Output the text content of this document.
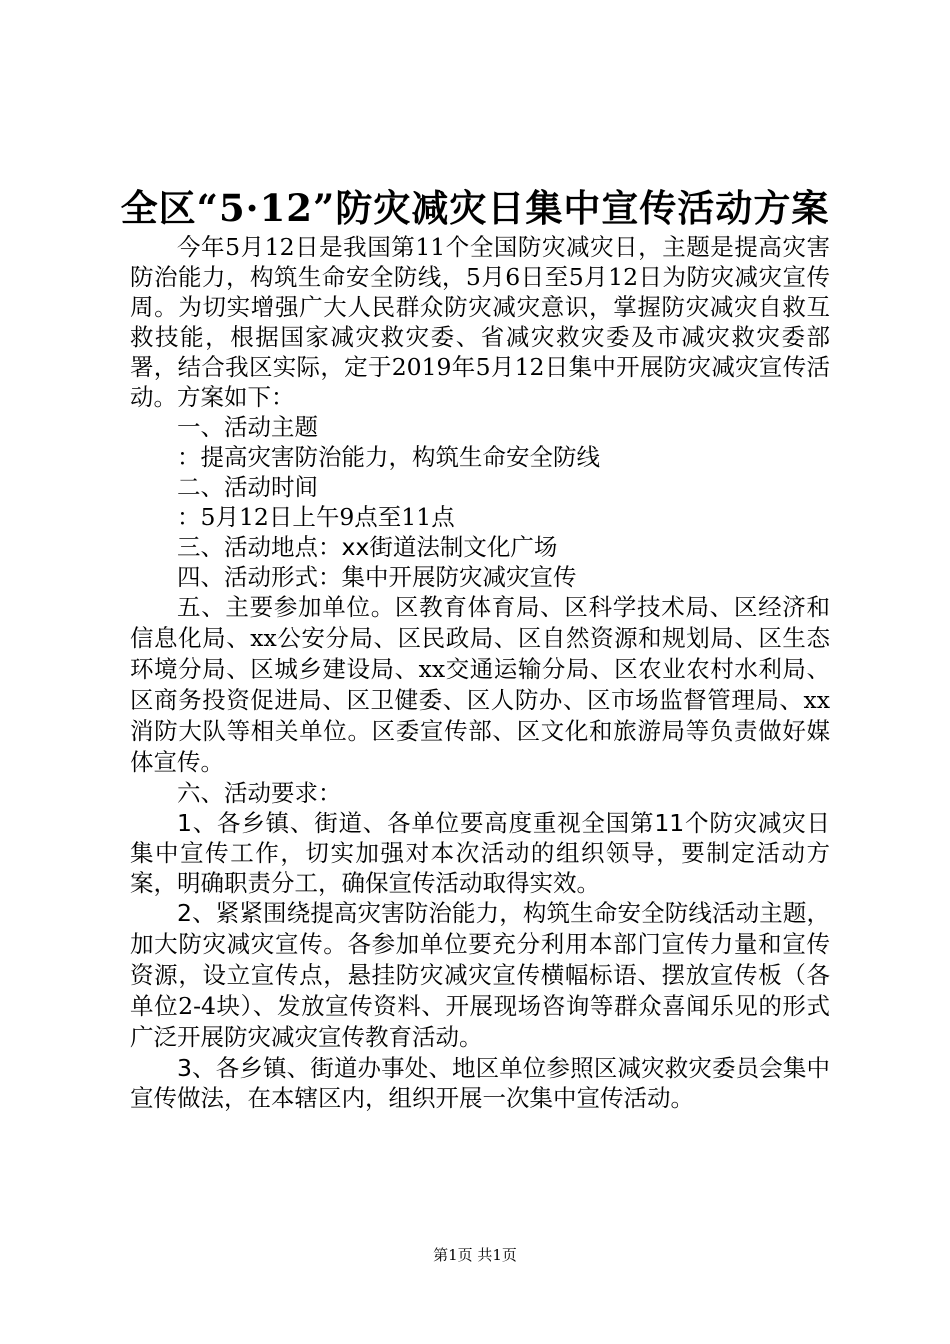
全区“5·12”防灾减灾日集中宣传活动方案

今年5月12日是我国第11个全国防灾减灾日，主题是提高灾害防治能力，构筑生命安全防线，5月6日至5月12日为防灾减灾宣传周。为切实增强广大人民群众防灾减灾意识，掌握防灾减灾自救互救技能，根据国家减灾救灾委、省减灾救灾委及市减灾救灾委部署，结合我区实际，定于2019年5月12日集中开展防灾减灾宣传活动。方案如下：

一、活动主题

：提高灾害防治能力，构筑生命安全防线

二、活动时间

：5月12日上午9点至11点

三、活动地点：xx街道法制文化广场

四、活动形式：集中开展防灾减灾宣传

五、主要参加单位。区教育体育局、区科学技术局、区经济和信息化局、xx公安分局、区民政局、区自然资源和规划局、区生态环境分局、区城乡建设局、xx交通运输分局、区农业农村水利局、区商务投资促进局、区卫健委、区人防办、区市场监督管理局、xx消防大队等相关单位。区委宣传部、区文化和旅游局等负责做好媒体宣传。

六、活动要求：

1、各乡镇、街道、各单位要高度重视全国第11个防灾减灾日集中宣传工作，切实加强对本次活动的组织领导，要制定活动方案，明确职责分工，确保宣传活动取得实效。

2、紧紧围绕提高灾害防治能力，构筑生命安全防线活动主题，加大防灾减灾宣传。各参加单位要充分利用本部门宣传力量和宣传资源，设立宣传点，悬挂防灾减灾宣传横幅标语、摆放宣传板（各单位2-4块）、发放宣传资料、开展现场咨询等群众喜闻乐见的形式广泛开展防灾减灾宣传教育活动。

3、各乡镇、街道办事处、地区单位参照区减灾救灾委员会集中宣传做法，在本辖区内，组织开展一次集中宣传活动。

第1页 共1页
